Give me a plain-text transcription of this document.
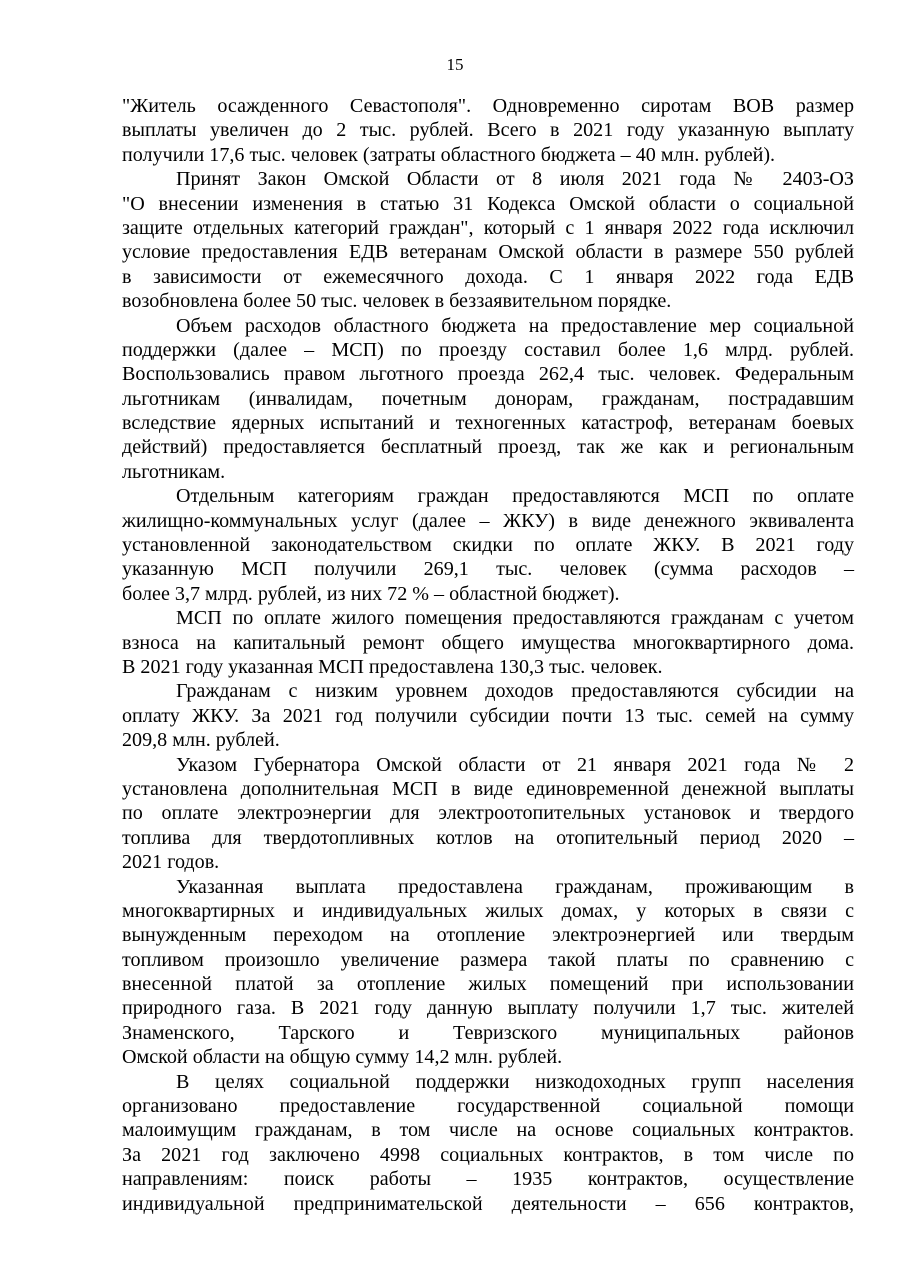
15
"Житель осажденного Севастополя". Одновременно сиротам ВОВ размер
выплаты увеличен до 2 тыс. рублей. Всего в 2021 году указанную выплату
получили 17,6 тыс. человек (затраты областного бюджета – 40 млн. рублей).
Принят Закон Омской Области от 8 июля 2021 года № 2403-ОЗ
"О внесении изменения в статью 31 Кодекса Омской области о социальной
защите отдельных категорий граждан", который с 1 января 2022 года исключил
условие предоставления ЕДВ ветеранам Омской области в размере 550 рублей
в зависимости от ежемесячного дохода. С 1 января 2022 года ЕДВ
возобновлена более 50 тыс. человек в беззаявительном порядке.
Объем расходов областного бюджета на предоставление мер социальной
поддержки (далее – МСП) по проезду составил более 1,6 млрд. рублей.
Воспользовались правом льготного проезда 262,4 тыс. человек. Федеральным
льготникам (инвалидам, почетным донорам, гражданам, пострадавшим
вследствие ядерных испытаний и техногенных катастроф, ветеранам боевых
действий) предоставляется бесплатный проезд, так же как и региональным
льготникам.
Отдельным категориям граждан предоставляются МСП по оплате
жилищно-коммунальных услуг (далее – ЖКУ) в виде денежного эквивалента
установленной законодательством скидки по оплате ЖКУ. В 2021 году
указанную МСП получили 269,1 тыс. человек (сумма расходов –
более 3,7 млрд. рублей, из них 72 % – областной бюджет).
МСП по оплате жилого помещения предоставляются гражданам с учетом
взноса на капитальный ремонт общего имущества многоквартирного дома.
В 2021 году указанная МСП предоставлена 130,3 тыс. человек.
Гражданам с низким уровнем доходов предоставляются субсидии на
оплату ЖКУ. За 2021 год получили субсидии почти 13 тыс. семей на сумму
209,8 млн. рублей.
Указом Губернатора Омской области от 21 января 2021 года № 2
установлена дополнительная МСП в виде единовременной денежной выплаты
по оплате электроэнергии для электроотопительных установок и твердого
топлива для твердотопливных котлов на отопительный период 2020 –
2021 годов.
Указанная выплата предоставлена гражданам, проживающим в
многоквартирных и индивидуальных жилых домах, у которых в связи с
вынужденным переходом на отопление электроэнергией или твердым
топливом произошло увеличение размера такой платы по сравнению с
внесенной платой за отопление жилых помещений при использовании
природного газа. В 2021 году данную выплату получили 1,7 тыс. жителей
Знаменского, Тарского и Тевризского муниципальных районов
Омской области на общую сумму 14,2 млн. рублей.
В целях социальной поддержки низкодоходных групп населения
организовано предоставление государственной социальной помощи
малоимущим гражданам, в том числе на основе социальных контрактов.
За 2021 год заключено 4998 социальных контрактов, в том числе по
направлениям: поиск работы – 1935 контрактов, осуществление
индивидуальной предпринимательской деятельности – 656 контрактов,
